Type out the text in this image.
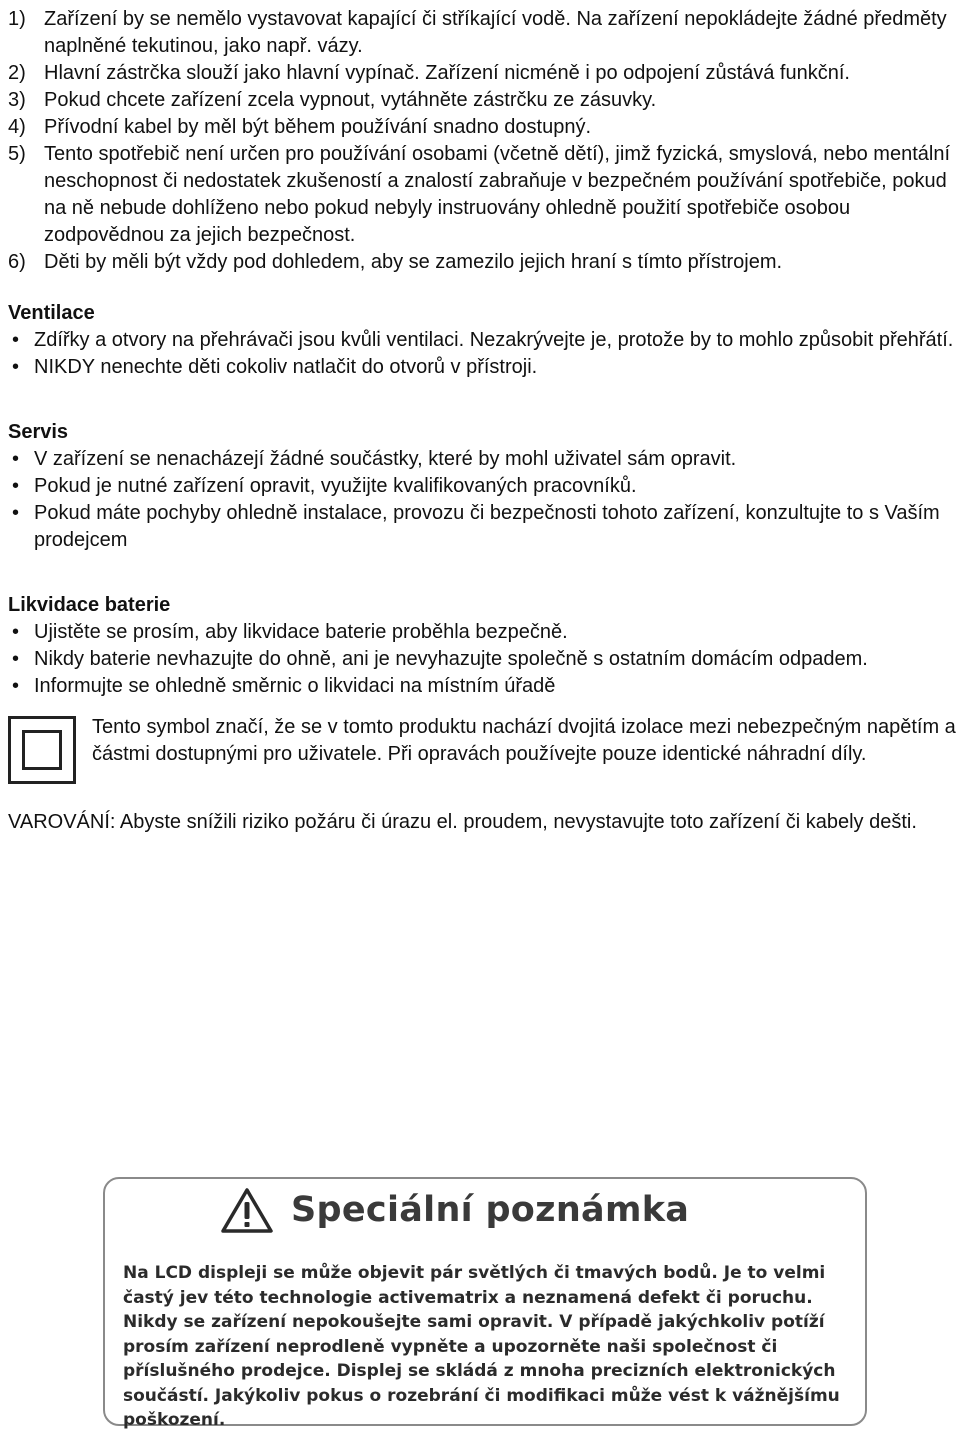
1) Zařízení by se nemělo vystavovat kapající či stříkající vodě. Na zařízení nepokládejte žádné předměty naplněné tekutinou, jako např. vázy.
2) Hlavní zástrčka slouží jako hlavní vypínač. Zařízení nicméně i po odpojení zůstává funkční.
3) Pokud chcete zařízení zcela vypnout, vytáhněte zástrčku ze zásuvky.
4) Přívodní kabel by měl být během používání snadno dostupný.
5) Tento spotřebič není určen pro používání osobami (včetně dětí), jimž fyzická, smyslová, nebo mentální neschopnost či nedostatek zkušeností a znalostí zabraňuje v bezpečném používání spotřebiče, pokud na ně nebude dohlíženo nebo pokud nebyly instruovány ohledně použití spotřebiče osobou zodpovědnou za jejich bezpečnost.
6) Děti by měli být vždy pod dohledem, aby se zamezilo jejich hraní s tímto přístrojem.
Ventilace
• Zdířky a otvory na přehrávači jsou kvůli ventilaci. Nezakrývejte je, protože by to mohlo způsobit přehřátí.
• NIKDY nenechte děti cokoliv natlačit do otvorů v přístroji.
Servis
• V zařízení se nenacházejí žádné součástky, které by mohl uživatel sám opravit.
• Pokud je nutné zařízení opravit, využijte kvalifikovaných pracovníků.
• Pokud máte pochyby ohledně instalace, provozu či bezpečnosti tohoto zařízení, konzultujte to s Vaším prodejcem
Likvidace baterie
• Ujistěte se prosím, aby likvidace baterie proběhla bezpečně.
• Nikdy baterie nevhazujte do ohně, ani je nevyhazujte společně s ostatním domácím odpadem.
• Informujte se ohledně směrnic o likvidaci na místním úřadě
Tento symbol značí, že se v tomto produktu nachází dvojitá izolace mezi nebezpečným napětím a částmi dostupnými pro uživatele. Při opravách používejte pouze identické náhradní díly.
VAROVÁNÍ: Abyste snížili riziko požáru či úrazu el. proudem, nevystavujte toto zařízení či kabely dešti.
Speciální poznámka
Na LCD displeji se může objevit pár světlých či tmavých bodů. Je to velmi častý jev této technologie activematrix a neznamená defekt či poruchu. Nikdy se zařízení nepokoušejte sami opravit. V případě jakýchkoliv potíží prosím zařízení neprodleně vypněte a upozorněte naši společnost či příslušného prodejce. Displej se skládá z mnoha precizních elektronických součástí. Jakýkoliv pokus o rozebrání či modifikaci může vést k vážnějšímu poškození.
